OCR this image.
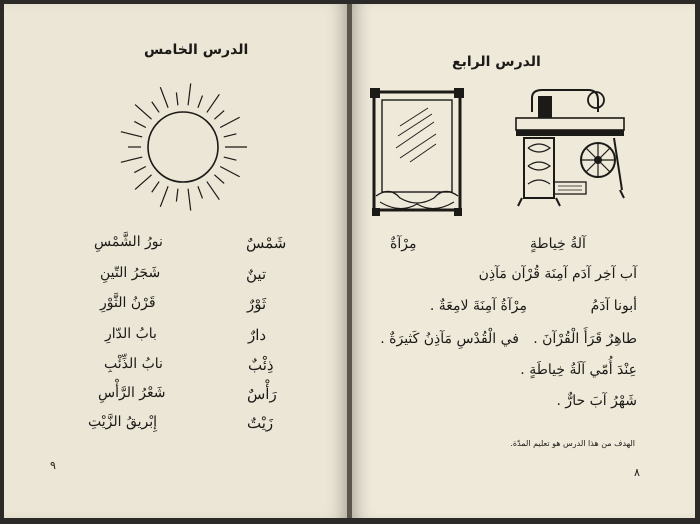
الدرس الخامس
شَمْسٌ
نورُ الشَّمْسِ
تينٌ
شَجَرُ التّينِ
ثَوْرٌ
قَرْنُ الثَّوْرِ
دارٌ
بابُ الدّارِ
ذِئْبٌ
نابُ الذِّئْبِ
رَأْسٌ
شَعْرُ الرَّأْسِ
زَيْتٌ
إِبْريقُ الزَّيْتِ
٩
الدرس الرابع
آلةُ خِياطةٍ
مِرْآةٌ
آب آخِر آدَم آمِنَة قُرْآن مَآذِن
أبونا آدَمُ
مِرْآةُ آمِنَةَ لامِعَةٌ .
طاهِرٌ قَرَأَ الْقُرْآنَ .
في الْقُدْسِ مَآذِنُ كَثيرَةٌ .
عِنْدَ أُمّي آلَةُ خِياطَةٍ .
شَهْرُ آبَ حارٌّ .
الهدف من هذا الدرس هو تعليم المدّة.
٨
